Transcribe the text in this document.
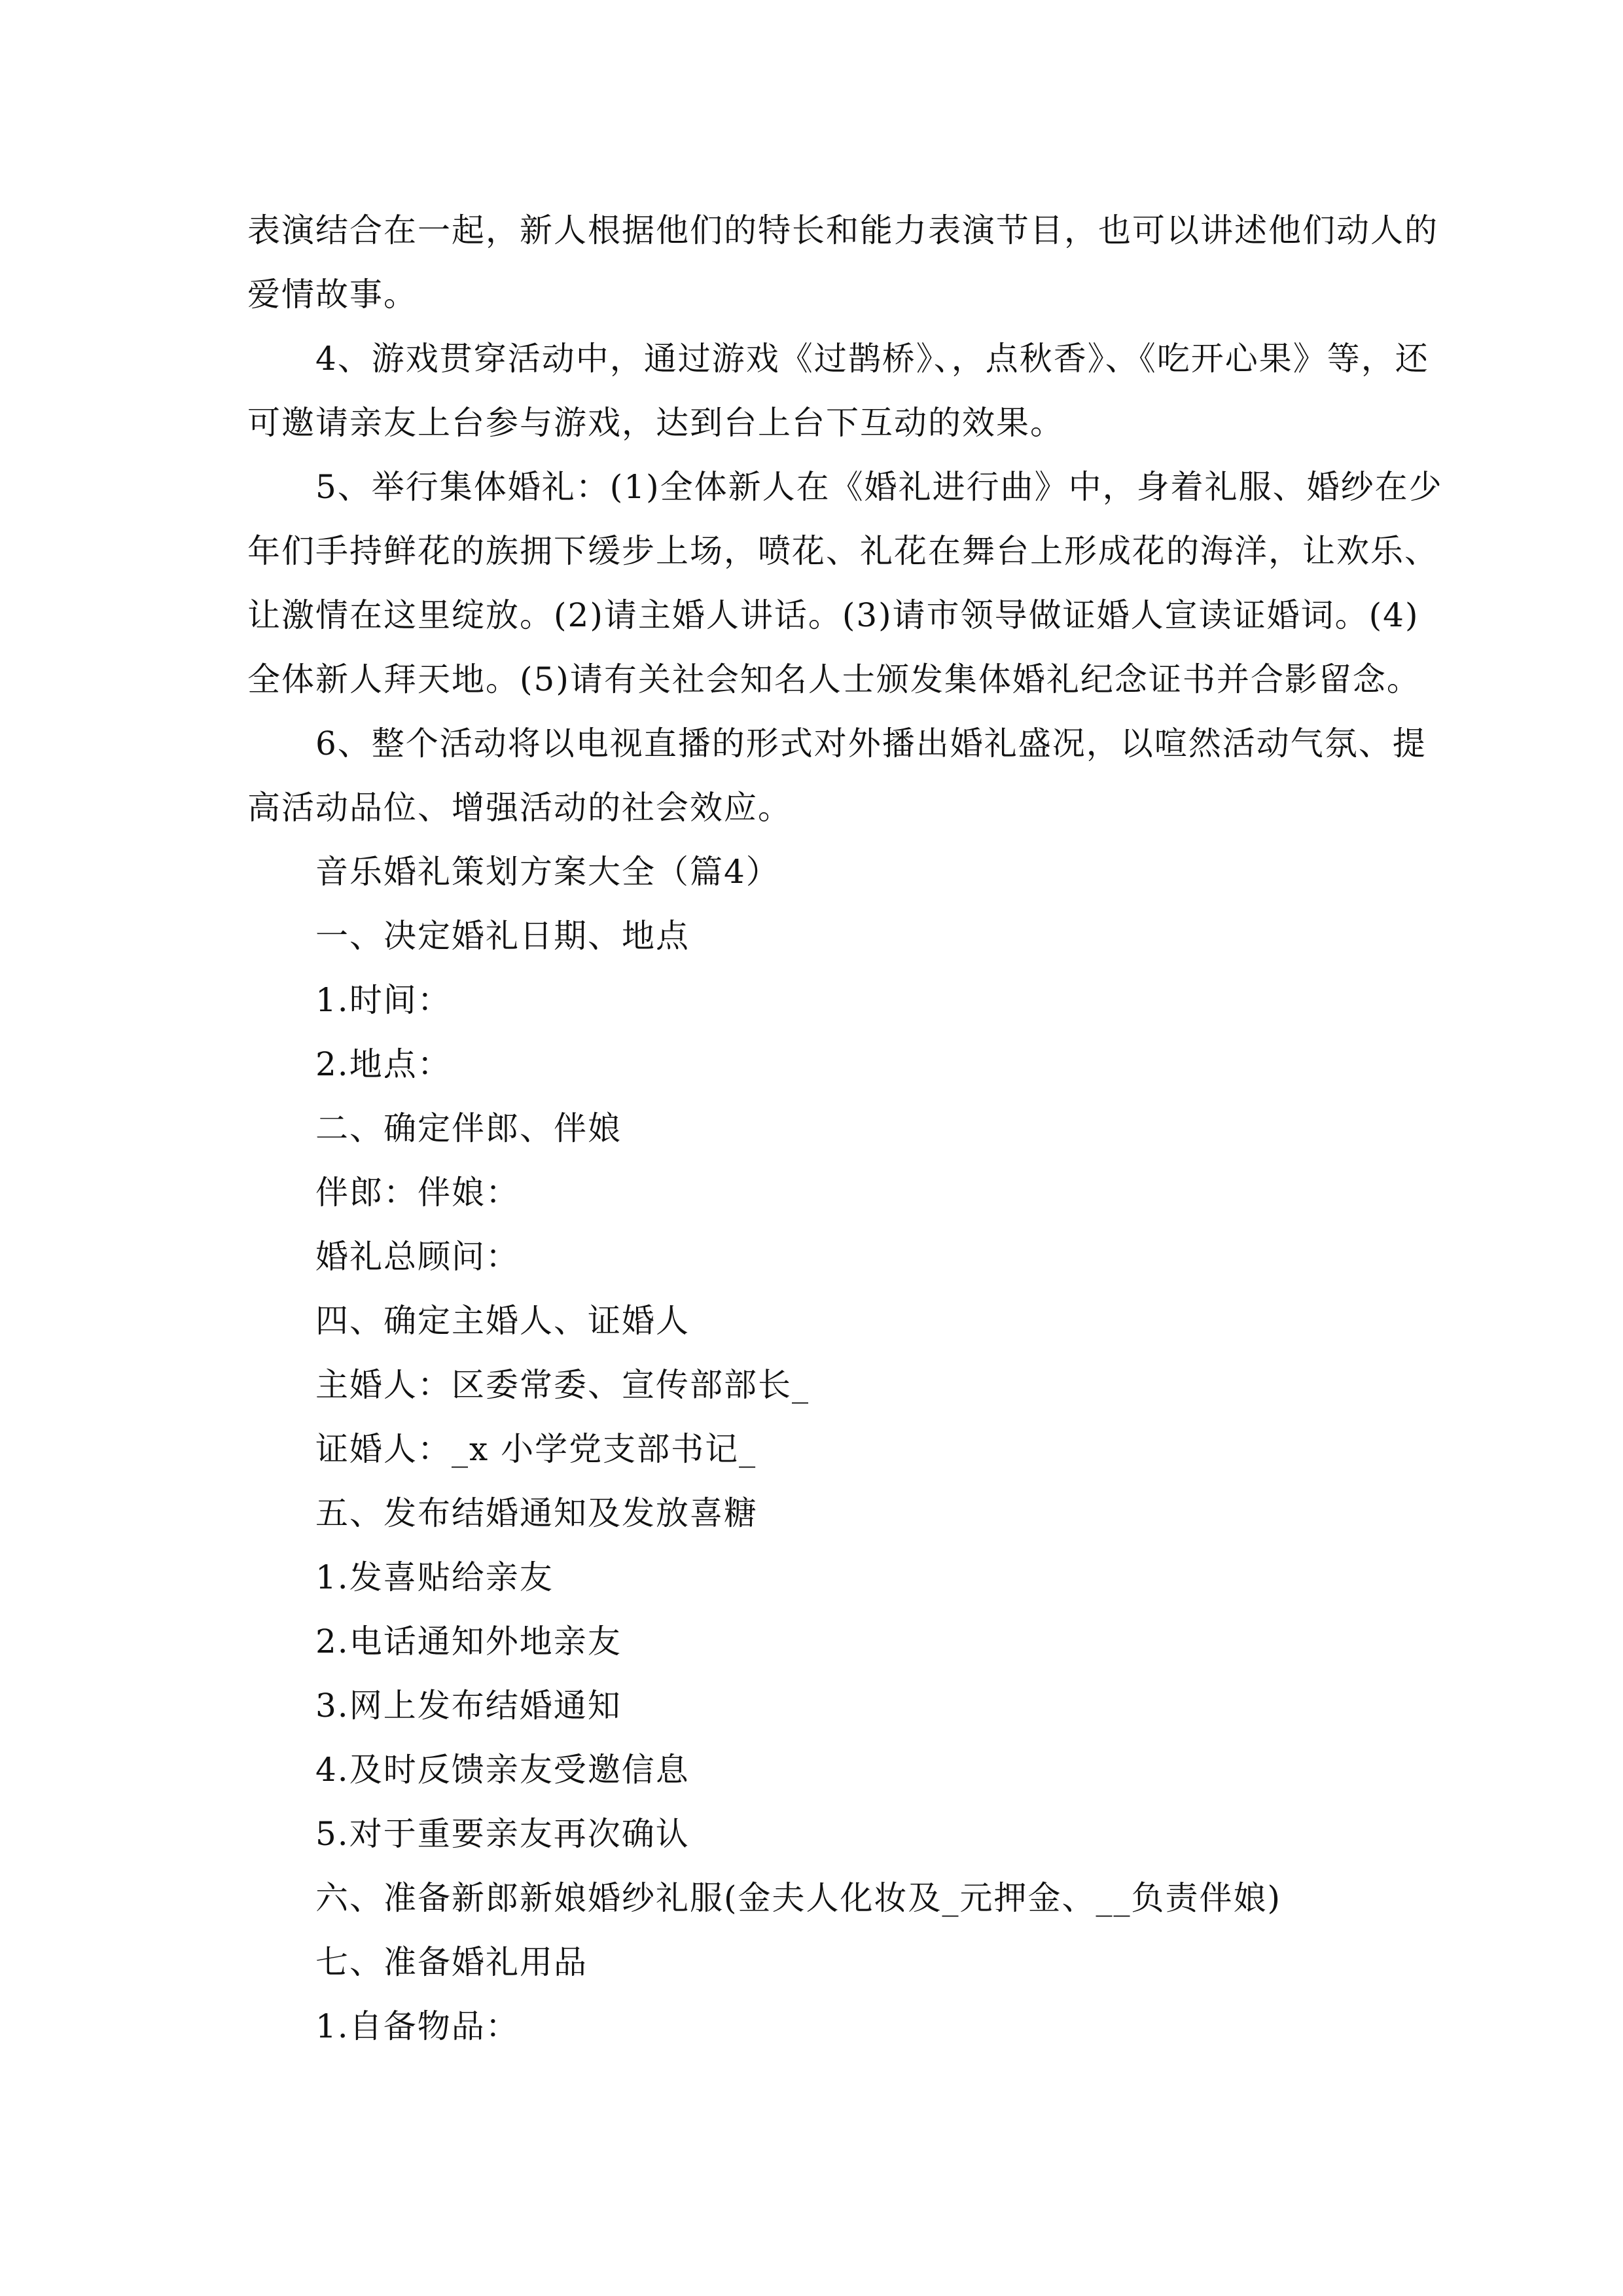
表演结合在一起，新人根据他们的特长和能力表演节目，也可以讲述他们动人的
爱情故事。
4、游戏贯穿活动中，通过游戏《过鹊桥》、，点秋香》、《吃开心果》等，还
可邀请亲友上台参与游戏，达到台上台下互动的效果。
5、举行集体婚礼：(1)全体新人在《婚礼进行曲》中，身着礼服、婚纱在少
年们手持鲜花的族拥下缓步上场，喷花、礼花在舞台上形成花的海洋，让欢乐、
让激情在这里绽放。(2)请主婚人讲话。(3)请市领导做证婚人宣读证婚词。(4)
全体新人拜天地。(5)请有关社会知名人士颁发集体婚礼纪念证书并合影留念。
6、整个活动将以电视直播的形式对外播出婚礼盛况，以喧然活动气氛、提
高活动品位、增强活动的社会效应。
音乐婚礼策划方案大全（篇4）
一、决定婚礼日期、地点
1.时间：
2.地点：
二、确定伴郎、伴娘
伴郎：伴娘：
婚礼总顾问：
四、确定主婚人、证婚人
主婚人：区委常委、宣传部部长_
证婚人：_x 小学党支部书记_
五、发布结婚通知及发放喜糖
1.发喜贴给亲友
2.电话通知外地亲友
3.网上发布结婚通知
4.及时反馈亲友受邀信息
5.对于重要亲友再次确认
六、准备新郎新娘婚纱礼服(金夫人化妆及_元押金、__负责伴娘)
七、准备婚礼用品
1.自备物品：
